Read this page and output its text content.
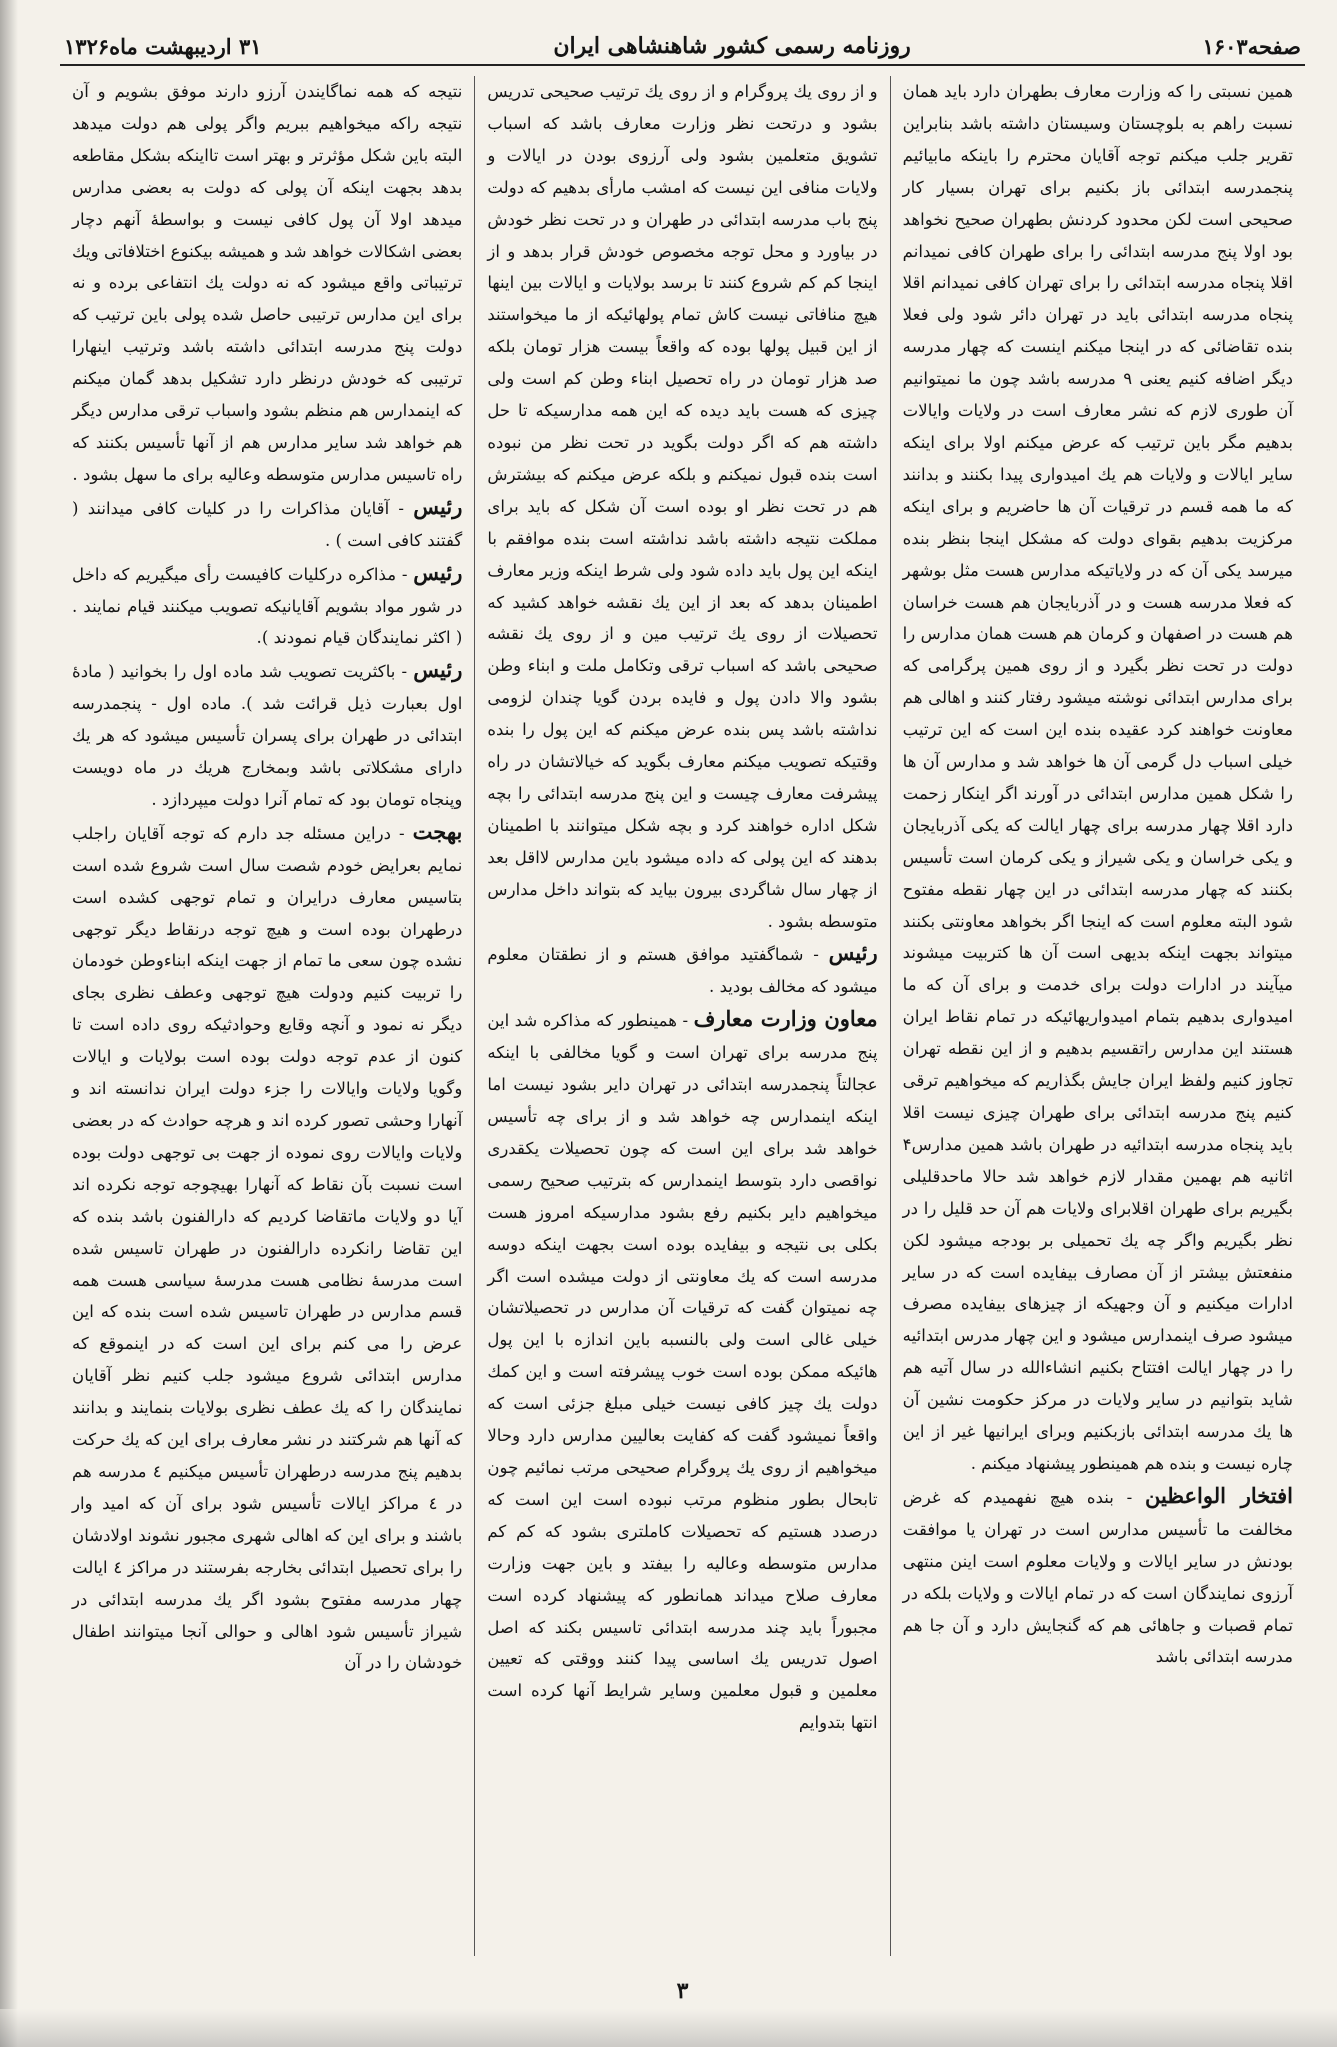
صفحه۱۶۰۳
روزنامه رسمی کشور شاهنشاهی ایران
۳۱ اردیبهشت ماه۱۳۲۶

همین نسبتی را که وزارت معارف بطهران دارد باید همان نسبت راهم به بلوچستان وسیستان داشته باشد بنابراین تقریر جلب میکنم توجه آقایان محترم را باینکه مابیائیم پنجمدرسه ابتدائی باز بکنیم برای تهران بسیار کار صحیحی است لکن محدود کردنش بطهران صحیح نخواهد بود اولا پنج مدرسه ابتدائی را برای طهران کافی نمیدانم اقلا پنجاه مدرسه ابتدائی را برای تهران کافی نمیدانم اقلا پنجاه مدرسه ابتدائی باید در تهران دائر شود ولی فعلا بنده تقاضائی که در اینجا میکنم اینست که چهار مدرسه دیگر اضافه کنیم یعنی ۹ مدرسه باشد چون ما نمیتوانیم آن طوری لازم که نشر معارف است در ولایات وایالات بدهیم مگر باین ترتیب که عرض میکنم اولا برای اینکه سایر ایالات و ولایات هم یك امیدواری پیدا بکنند و بدانند که ما همه قسم در ترقیات آن ها حاضریم و برای اینکه مرکزیت بدهیم بقوای دولت که مشکل اینجا بنظر بنده میرسد یکی آن که در ولایاتیکه مدارس هست مثل بوشهر که فعلا مدرسه هست و در آذربایجان هم هست خراسان هم هست در اصفهان و کرمان هم هست همان مدارس را دولت در تحت نظر بگیرد و از روی همین پرگرامی که برای مدارس ابتدائی نوشته میشود رفتار کنند و اهالی هم معاونت خواهند کرد عقیده بنده این است که این ترتیب خیلی اسباب دل گرمی آن ها خواهد شد و مدارس آن ها را شکل همین مدارس ابتدائی در آورند اگر اینکار زحمت دارد اقلا چهار مدرسه برای چهار ایالت که یکی آذربایجان و یکی خراسان و یکی شیراز و یکی کرمان است تأسیس بکنند که چهار مدرسه ابتدائی در این چهار نقطه مفتوح شود البته معلوم است که اینجا اگر بخواهد معاونتی بکنند میتواند بجهت اینکه بدیهی است آن ها کتربیت میشوند میآیند در ادارات دولت برای خدمت و برای آن که ما امیدواری بدهیم بتمام امیدواریهائیکه در تمام نقاط ایران هستند این مدارس راتقسیم بدهیم و از این نقطه تهران تجاوز کنیم ولفظ ایران جایش بگذاریم که میخواهیم ترقی کنیم پنج مدرسه ابتدائی برای طهران چیزی نیست اقلا باید پنجاه مدرسه ابتدائیه در طهران باشد همین مدارس۴ اثانیه هم بهمین مقدار لازم خواهد شد حالا ماحدقلیلی بگیریم برای طهران اقلابرای ولایات هم آن حد قلیل را در نظر بگیریم واگر چه یك تحمیلی بر بودجه میشود لکن منفعتش بیشتر از آن مصارف بیفایده است که در سایر ادارات میکنیم و آن وجهیکه از چیزهای بیفایده مصرف میشود صرف اینمدارس میشود و این چهار مدرس ابتدائیه را در چهار ایالت افتتاح بکنیم انشاءالله در سال آتیه هم شاید بتوانیم در سایر ولایات در مرکز حکومت نشین آن ها یك مدرسه ابتدائی بازبکنیم وبرای ایرانیها غیر از این چاره نیست و بنده هم همینطور پیشنهاد میکنم .
افتخار الواعظین - بنده هیچ نفهمیدم که غرض مخالفت ما تأسیس مدارس است در تهران یا موافقت بودنش در سایر ایالات و ولایات معلوم است اینن منتهی آرزوی نمایندگان است که در تمام ایالات و ولایات بلکه در تمام قصبات و جاهائی هم که گنجایش دارد و آن جا هم مدرسه ابتدائی باشد

و از روی یك پروگرام و از روی یك ترتیب صحیحی تدریس بشود و درتحت نظر وزارت معارف باشد که اسباب تشویق متعلمین بشود ولی آرزوی بودن در ایالات و ولایات منافی این نیست که امشب مارأی بدهیم که دولت پنج باب مدرسه ابتدائی در طهران و در تحت نظر خودش در بیاورد و محل توجه مخصوص خودش قرار بدهد و از اینجا کم کم شروع کنند تا برسد بولایات و ایالات بین اینها هیچ منافاتی نیست کاش تمام پولهائیکه از ما میخواستند از این قبیل پولها بوده که واقعاً بیست هزار تومان بلکه صد هزار تومان در راه تحصیل ابناء وطن کم است ولی چیزی که هست باید دیده که این همه مدارسیکه تا حل داشته هم که اگر دولت بگوید در تحت نظر من نبوده است بنده قبول نمیکنم و بلکه عرض میکنم که بیشترش هم در تحت نظر او بوده است آن شکل که باید برای مملکت نتیجه داشته باشد نداشته است بنده موافقم با اینکه این پول باید داده شود ولی شرط اینکه وزیر معارف اطمینان بدهد که بعد از این یك نقشه خواهد کشید که تحصیلات از روی یك ترتیب مین و از روی یك نقشه صحیحی باشد که اسباب ترقی وتکامل ملت و ابناء وطن بشود والا دادن پول و فایده بردن گویا چندان لزومی نداشته باشد پس بنده عرض میکنم که این پول را بنده وقتیکه تصویب میکنم معارف بگوید که خیالاتشان در راه پیشرفت معارف چیست و این پنج مدرسه ابتدائی را بچه شکل اداره خواهند کرد و بچه شکل میتوانند با اطمینان بدهند که این پولی که داده میشود باین مدارس لااقل بعد از چهار سال شاگردی بیرون بیاید که بتواند داخل مدارس متوسطه بشود .
رئیس - شماگفتید موافق هستم و از نطقتان معلوم میشود که مخالف بودید .
معاون وزارت معارف - همینطور که مذاکره شد این پنج مدرسه برای تهران است و گویا مخالفی با اینکه عجالتاً پنجمدرسه ابتدائی در تهران دایر بشود نیست اما اینکه اینمدارس چه خواهد شد و از برای چه تأسیس خواهد شد برای این است که چون تحصیلات یکقدری نواقصی دارد بتوسط اینمدارس که بترتیب صحیح رسمی میخواهیم دایر بکنیم رفع بشود مدارسیکه امروز هست بکلی بی نتیجه و بیفایده بوده است بجهت اینکه دوسه مدرسه است که یك معاونتی از دولت میشده است اگر چه نمیتوان گفت که ترقیات آن مدارس در تحصیلاتشان خیلی غالی است ولی بالنسبه باین اندازه با این پول هائیکه ممکن بوده است خوب پیشرفته است و این کمك دولت یك چیز کافی نیست خیلی مبلغ جزئی است که واقعاً نمیشود گفت که کفایت بعالیین مدارس دارد وحالا میخواهیم از روی یك پروگرام صحیحی مرتب نمائیم چون تابحال بطور منظوم مرتب نبوده است این است که درصدد هستیم که تحصیلات کاملتری بشود که کم کم مدارس متوسطه وعالیه را بیفتد و باین جهت وزارت معارف صلاح میداند همانطور که پیشنهاد کرده است مجبوراً باید چند مدرسه ابتدائی تاسیس بکند که اصل اصول تدریس یك اساسی پیدا کنند ووقتی که تعیین معلمین و قبول معلمین وسایر شرایط آنها کرده است انتها بتدوایم

نتیجه که همه نماگایندن آرزو دارند موفق بشویم و آن نتیجه راکه میخواهیم ببریم واگر پولی هم دولت میدهد البته باین شکل مؤثرتر و بهتر است تااینکه بشکل مقاطعه بدهد بجهت اینکه آن پولی که دولت به بعضی مدارس میدهد اولا آن پول کافی نیست و بواسطهٔ آنهم دچار بعضی اشکالات خواهد شد و همیشه بیکنوع اختلافاتی ویك ترتیباتی واقع میشود که نه دولت یك انتفاعی برده و نه برای این مدارس ترتیبی حاصل شده پولی باین ترتیب که دولت پنج مدرسه ابتدائی داشته باشد وترتیب اینهارا ترتیبی که خودش درنظر دارد تشکیل بدهد گمان میکنم که اینمدارس هم منظم بشود واسباب ترقی مدارس دیگر هم خواهد شد سایر مدارس هم از آنها تأسیس بکنند که راه تاسیس مدارس متوسطه وعالیه برای ما سهل بشود .
رئیس - آقایان مذاکرات را در کلیات کافی میدانند ( گفتند کافی است ) .
رئیس - مذاکره درکلیات کافیست رأی میگیریم که داخل در شور مواد بشویم آقایانیکه تصویب میکنند قیام نمایند . ( اکثر نمایندگان قیام نمودند ).
رئیس - باکثریت تصویب شد ماده اول را بخوانید ( مادهٔ اول بعبارت ذیل قرائت شد ). ماده اول - پنجمدرسه ابتدائی در طهران برای پسران تأسیس میشود که هر یك دارای مشکلاتی باشد وبمخارج هریك در ماه دویست وپنجاه تومان بود که تمام آنرا دولت میپردازد .
بهجت - دراین مسئله جد دارم که توجه آقایان راجلب نمایم بعرایض خودم شصت سال است شروع شده است بتاسیس معارف درایران و تمام توجهی کشده است درطهران بوده است و هیچ توجه درنقاط دیگر توجهی نشده چون سعی ما تمام از جهت اینکه ابناءوطن خودمان را تربیت کنیم ودولت هیچ توجهی وعطف نظری بجای دیگر نه نمود و آنچه وقایع وحوادثیکه روی داده است تا کنون از عدم توجه دولت بوده است بولایات و ایالات وگویا ولایات وایالات را جزء دولت ایران ندانسته اند و آنهارا وحشی تصور کرده اند و هرچه حوادث که در بعضی ولایات وایالات روی نموده از جهت بی توجهی دولت بوده است نسبت بآن نقاط که آنهارا بهیچوجه توجه نکرده اند آیا دو ولایات ماتقاضا کردیم که دارالفنون باشد بنده که این تقاضا رانکرده دارالفنون در طهران تاسیس شده است مدرسهٔ نظامی هست مدرسهٔ سیاسی هست همه قسم مدارس در طهران تاسیس شده است بنده که این عرض را می کنم برای این است که در اینموقع که مدارس ابتدائی شروع میشود جلب کنیم نظر آقایان نمایندگان را که یك عطف نظری بولایات بنمایند و بدانند که آنها هم شرکتند در نشر معارف برای این که یك حرکت بدهیم پنج مدرسه درطهران تأسیس میکنیم ٤ مدرسه هم در ٤ مراکز ایالات تأسیس شود برای آن که امید وار باشند و برای این که اهالی شهری مجبور نشوند اولادشان را برای تحصیل ابتدائی بخارجه بفرستند در مراکز ٤ ایالت چهار مدرسه مفتوح بشود اگر یك مدرسه ابتدائی در شیراز تأسیس شود اهالی و حوالی آنجا میتوانند اطفال خودشان را در آن

۳
